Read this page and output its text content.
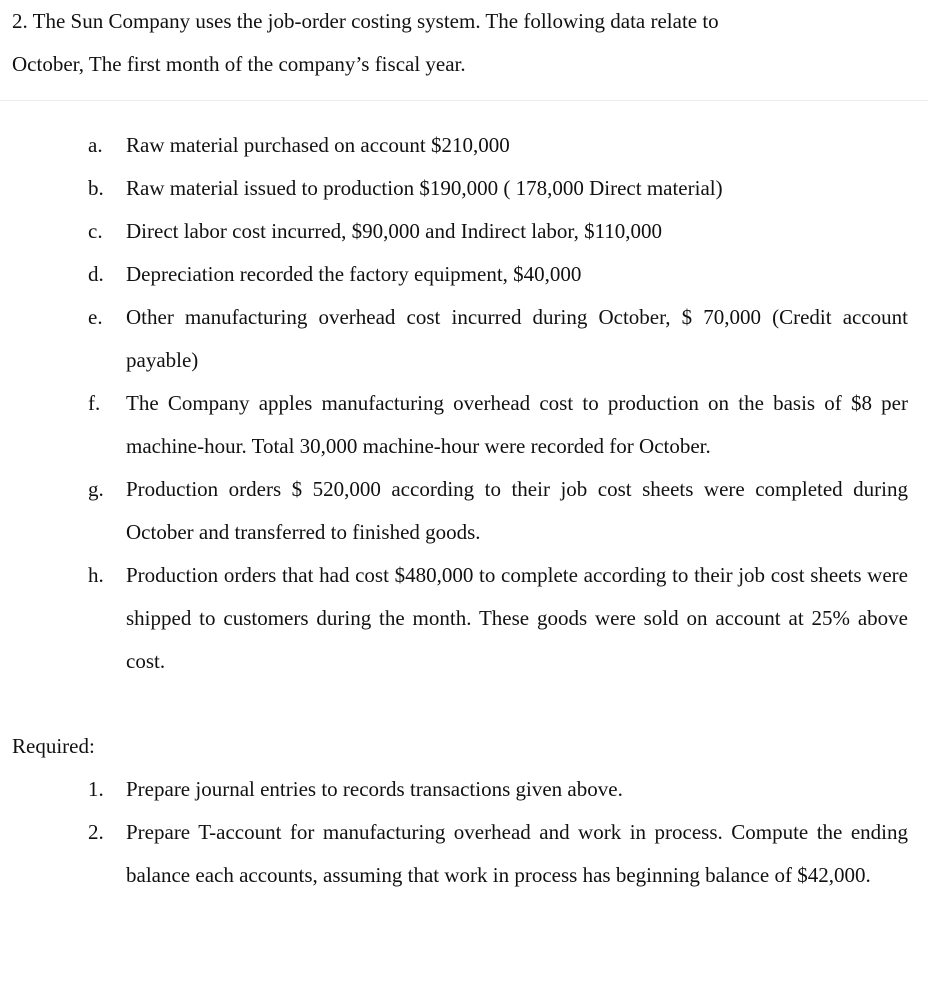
2. The Sun Company uses the job-order costing system. The following data relate to

October, The first month of the company’s fiscal year.

a. Raw material purchased on account $210,000
b. Raw material issued to production $190,000 ( 178,000 Direct material)
c. Direct labor cost incurred, $90,000 and Indirect labor, $110,000
d. Depreciation recorded the factory equipment, $40,000
e. Other manufacturing overhead cost incurred during October, $ 70,000 (Credit account payable)
f. The Company apples manufacturing overhead cost to production on the basis of $8 per machine-hour. Total 30,000 machine-hour were recorded for October.
g. Production orders $ 520,000 according to their job cost sheets were completed during October and transferred to finished goods.
h. Production orders that had cost $480,000 to complete according to their job cost sheets were shipped to customers during the month. These goods were sold on account at 25% above cost.
Required:
1. Prepare journal entries to records transactions given above.
2. Prepare T-account for manufacturing overhead and work in process. Compute the ending balance each accounts, assuming that work in process has beginning balance of $42,000.
